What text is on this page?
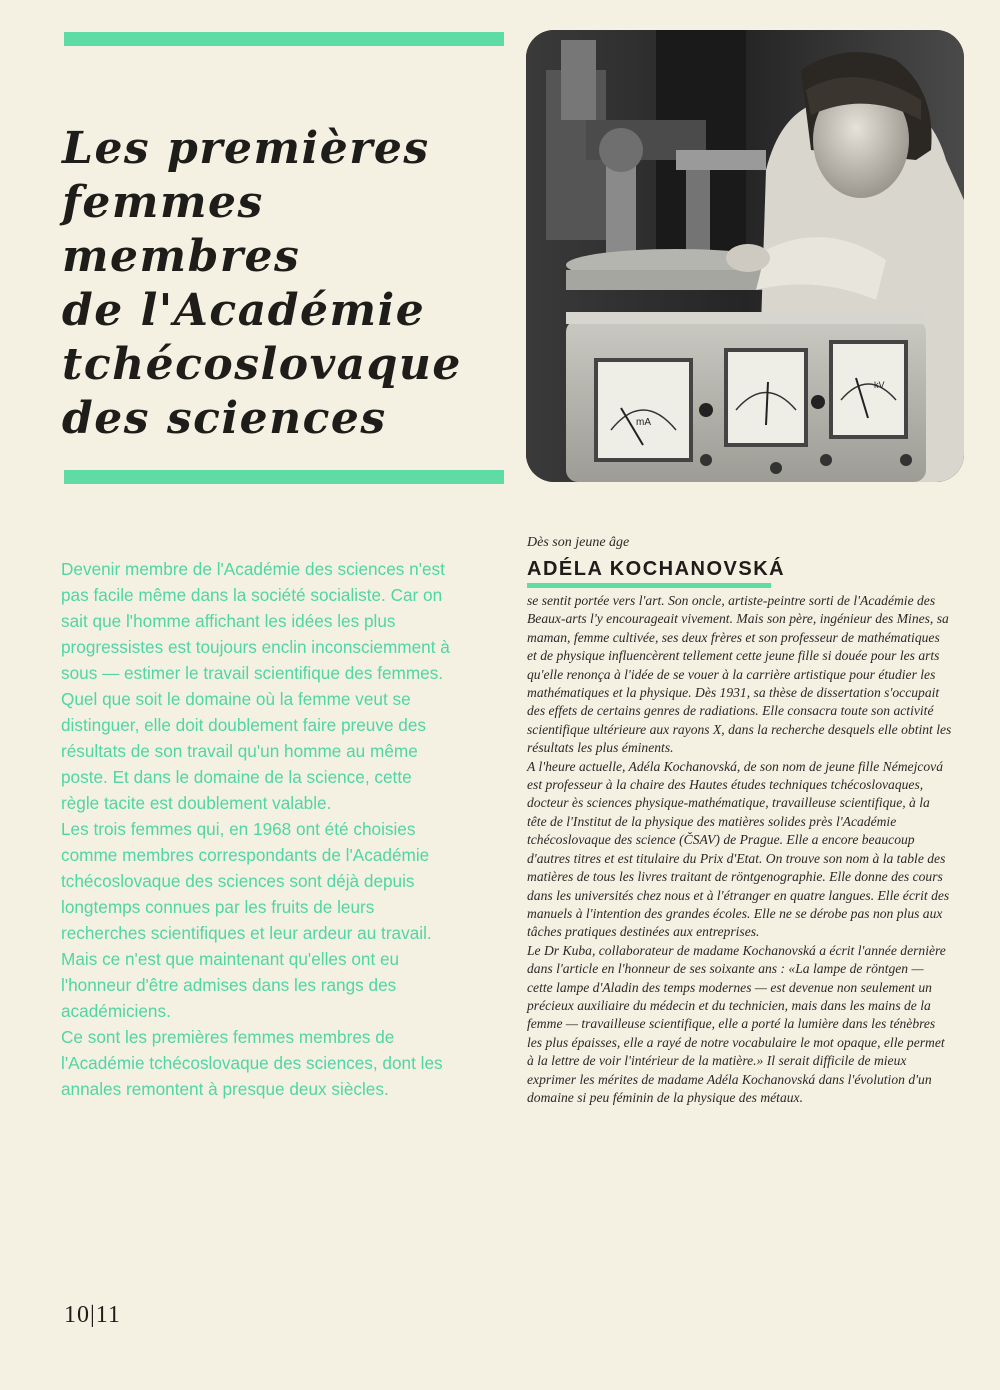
Les premières
femmes
membres
de l'Académie
tchécoslovaque
des sciences	mA
kV

Devenir membre de l'Académie des sciences n'est pas facile même dans la société socialiste. Car on sait que l'homme affichant les idées les plus progressistes est toujours enclin inconsciemment à sous — estimer le travail scientifique des femmes. Quel que soit le domaine où la femme veut se distinguer, elle doit doublement faire preuve des résultats de son travail qu'un homme au même poste. Et dans le domaine de la science, cette règle tacite est doublement valable.

Les trois femmes qui, en 1968 ont été choisies comme membres correspondants de l'Académie tchécoslovaque des sciences sont déjà depuis longtemps connues par les fruits de leurs recherches scientifiques et leur ardeur au travail. Mais ce n'est que maintenant qu'elles ont eu l'honneur d'être admises dans les rangs des académiciens.

Ce sont les premières femmes membres de l'Académie tchécoslovaque des sciences, dont les annales remontent à presque deux siècles.

Dès son jeune âge

ADÉLA KOCHANOVSKÁ

se sentit portée vers l'art. Son oncle, artiste-peintre sorti de l'Académie des Beaux-arts l'y encourageait vivement. Mais son père, ingénieur des Mines, sa maman, femme cultivée, ses deux frères et son professeur de mathématiques et de physique influencèrent tellement cette jeune fille si douée pour les arts qu'elle renonça à l'idée de se vouer à la carrière artistique pour étudier les mathématiques et la physique. Dès 1931, sa thèse de dissertation s'occupait des effets de certains genres de radiations. Elle consacra toute son activité scientifique ultérieure aux rayons X, dans la recherche desquels elle obtint les résultats les plus éminents.

A l'heure actuelle, Adéla Kochanovská, de son nom de jeune fille Némejcová est professeur à la chaire des Hautes études techniques tchécoslovaques, docteur ès sciences physique-mathématique, travailleuse scientifique, à la tête de l'Institut de la physique des matières solides près l'Académie tchécoslovaque des science (ČSAV) de Prague. Elle a encore beaucoup d'autres titres et est titulaire du Prix d'Etat. On trouve son nom à la table des matières de tous les livres traitant de röntgenographie. Elle donne des cours dans les universités chez nous et à l'étranger en quatre langues. Elle écrit des manuels à l'intention des grandes écoles. Elle ne se dérobe pas non plus aux tâches pratiques destinées aux entreprises.

Le Dr Kuba, collaborateur de madame Kochanovská a écrit l'année dernière dans l'article en l'honneur de ses soixante ans : «La lampe de röntgen — cette lampe d'Aladin des temps modernes — est devenue non seulement un précieux auxiliaire du médecin et du technicien, mais dans les mains de la femme — travailleuse scientifique, elle a porté la lumière dans les ténèbres les plus épaisses, elle a rayé de notre vocabulaire le mot opaque, elle permet à la lettre de voir l'intérieur de la matière.» Il serait difficile de mieux exprimer les mérites de madame Adéla Kochanovská dans l'évolution d'un domaine si peu féminin de la physique des métaux.

10|11
